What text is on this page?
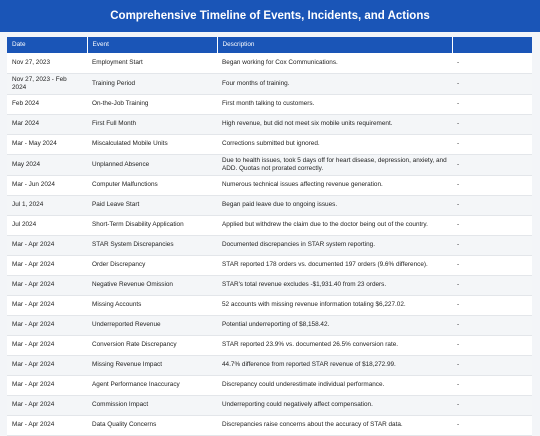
Comprehensive Timeline of Events, Incidents, and Actions
Date	Event	Description	
Nov 27, 2023	Employment Start	Began working for Cox Communications.	-
Nov 27, 2023 - Feb 2024	Training Period	Four months of training.	-
Feb 2024	On-the-Job Training	First month talking to customers.	-
Mar 2024	First Full Month	High revenue, but did not meet six mobile units requirement.	-
Mar - May 2024	Miscalculated Mobile Units	Corrections submitted but ignored.	-
May 2024	Unplanned Absence	Due to health issues, took 5 days off for heart disease, depression, anxiety, and ADD. Quotas not prorated correctly.	-
Mar - Jun 2024	Computer Malfunctions	Numerous technical issues affecting revenue generation.	-
Jul 1, 2024	Paid Leave Start	Began paid leave due to ongoing issues.	-
Jul 2024	Short-Term Disability Application	Applied but withdrew the claim due to the doctor being out of the country.	-
Mar - Apr 2024	STAR System Discrepancies	Documented discrepancies in STAR system reporting.	-
Mar - Apr 2024	Order Discrepancy	STAR reported 178 orders vs. documented 197 orders (9.6% difference).	-
Mar - Apr 2024	Negative Revenue Omission	STAR's total revenue excludes -$1,931.40 from 23 orders.	-
Mar - Apr 2024	Missing Accounts	52 accounts with missing revenue information totaling $6,227.02.	-
Mar - Apr 2024	Underreported Revenue	Potential underreporting of $8,158.42.	-
Mar - Apr 2024	Conversion Rate Discrepancy	STAR reported 23.9% vs. documented 26.5% conversion rate.	-
Mar - Apr 2024	Missing Revenue Impact	44.7% difference from reported STAR revenue of $18,272.99.	-
Mar - Apr 2024	Agent Performance Inaccuracy	Discrepancy could underestimate individual performance.	-
Mar - Apr 2024	Commission Impact	Underreporting could negatively affect compensation.	-
Mar - Apr 2024	Data Quality Concerns	Discrepancies raise concerns about the accuracy of STAR data.	-
